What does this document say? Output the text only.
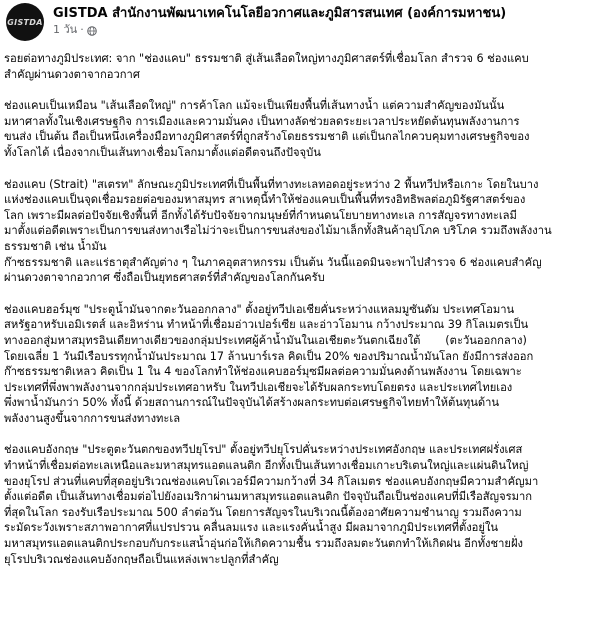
GISTDA
GISTDA สำนักงานพัฒนาเทคโนโลยีอวกาศและภูมิสารสนเทศ (องค์การมหาชน)
1 วัน ·

รอยต่อทางภูมิประเทศ: จาก "ช่องแคบ" ธรรมชาติ สู่เส้นเลือดใหญ่ทางภูมิศาสตร์ที่เชื่อมโลก สำรวจ 6 ช่องแคบ
สำคัญผ่านดวงตาจากอวกาศ

ช่องแคบเป็นเหมือน "เส้นเลือดใหญ่" การค้าโลก แม้จะเป็นเพียงพื้นที่เส้นทางน้ำ แต่ความสำคัญของมันนั้น
มหาศาลทั้งในเชิงเศรษฐกิจ การเมืองและความมั่นคง เป็นทางลัดช่วยลดระยะเวลาประหยัดต้นทุนพลังงานการ
ขนส่ง เป็นต้น ถือเป็นหนึ่งเครื่องมือทางภูมิศาสตร์ที่ถูกสร้างโดยธรรมชาติ แต่เป็นกลไกควบคุมทางเศรษฐกิจของ
ทั้งโลกได้ เนื่องจากเป็นเส้นทางเชื่อมโลกมาตั้งแต่อดีตจนถึงปัจจุบัน

ช่องแคบ (Strait) "สเตรท" ลักษณะภูมิประเทศที่เป็นพื้นที่ทางทะเลทอดอยู่ระหว่าง 2 พื้นทวีปหรือเกาะ โดยในบาง
แห่งช่องแคบเป็นจุดเชื่อมรอยต่อของมหาสมุทร สาเหตุนี้ทำให้ช่องแคบเป็นพื้นที่ทรงอิทธิพลต่อภูมิรัฐศาสตร์ของ
โลก เพราะมีผลต่อปัจจัยเชิงพื้นที่ อีกทั้งได้รับปัจจัยจากมนุษย์ที่กำหนดนโยบายทางทะเล การสัญจรทางทะเลมี
มาตั้งแต่อดีตเพราะเป็นการขนส่งทางเรือไม่ว่าจะเป็นการขนส่งของไม้มาเล็กทั้งสินค้าอุปโภค บริโภค รวมถึงพลังงานธรรมชาติ เช่น น้ำมัน
ก๊าซธรรมชาติ และแร่ธาตุสำคัญต่าง ๆ ในภาคอุตสาหกรรม เป็นต้น วันนี้แอดมินจะพาไปสำรวจ 6 ช่องแคบสำคัญ
ผ่านดวงตาจากอวกาศ ซึ่งถือเป็นยุทธศาสตร์ที่สำคัญของโลกกันครับ

ช่องแคบฮอร์มุซ "ประตูน้ำมันจากตะวันออกกลาง" ตั้งอยู่ทวีปเอเชียคั่นระหว่างแหลมมูซันดัม ประเทศโอมาน
สหรัฐอาหรับเอมิเรตส์ และอิหร่าน ทำหน้าที่เชื่อมอ่าวเปอร์เซีย และอ่าวโอมาน กว้างประมาณ 39 กิโลเมตรเป็น
ทางออกสู่มหาสมุทรอินเดียทางเดียวของกลุ่มประเทศผู้ค้าน้ำมันในเอเชียตะวันตกเฉียงใต้       (ตะวันออกกลาง)
โดยเฉลี่ย 1 วันมีเรือบรรทุกน้ำมันประมาณ 17 ล้านบาร์เรล คิดเป็น 20% ของปริมาณน้ำมันโลก ยังมีการส่งออก
ก๊าซธรรมชาติเหลว คิดเป็น 1 ใน 4 ของโลกทำให้ช่องแคบฮอร์มุซมีผลต่อความมั่นคงด้านพลังงาน โดยเฉพาะ
ประเทศที่พึ่งพาพลังงานจากกลุ่มประเทศอาหรับ ในทวีปเอเชียจะได้รับผลกระทบโดยตรง และประเทศไทยเอง
พึ่งพาน้ำมันกว่า 50% ทั้งนี้ ด้วยสถานการณ์ในปัจจุบันได้สร้างผลกระทบต่อเศรษฐกิจไทยทำให้ต้นทุนด้าน
พลังงานสูงขึ้นจากการขนส่งทางทะเล

ช่องแคบอังกฤษ "ประตูตะวันตกของทวีปยุโรป" ตั้งอยู่ทวีปยุโรปคั่นระหว่างประเทศอังกฤษ และประเทศฝรั่งเศส
ทำหน้าที่เชื่อมต่อทะเลเหนือและมหาสมุทรแอตแลนติก อีกทั้งเป็นเส้นทางเชื่อมเกาะบริเตนใหญ่และแผ่นดินใหญ่
ของยุโรป ส่วนที่แคบที่สุดอยู่บริเวณช่องแคบโดเวอร์มีความกว้างที่ 34 กิโลเมตร ช่องแคบอังกฤษมีความสำคัญมา
ตั้งแต่อดีต เป็นเส้นทางเชื่อมต่อไปยังอเมริกาผ่านมหาสมุทรแอตแลนติก ปัจจุบันถือเป็นช่องแคบที่มีเรือสัญจรมาก
ที่สุดในโลก รองรับเรือประมาณ 500 ลำต่อวัน โดยการสัญจรในบริเวณนี้ต้องอาศัยความชำนาญ รวมถึงความ
ระมัดระวังเพราะสภาพอากาศที่แปรปรวน คลื่นลมแรง และแรงคั่นน้ำสูง มีผลมาจากภูมิประเทศที่ตั้งอยู่ใน
มหาสมุทรแอตแลนติกประกอบกับกระแสน้ำอุ่นก่อให้เกิดความชื้น รวมถึงลมตะวันตกทำให้เกิดฝน อีกทั้งชายฝั่ง
ยุโรปบริเวณช่องแคบอังกฤษถือเป็นแหล่งเพาะปลูกที่สำคัญ
